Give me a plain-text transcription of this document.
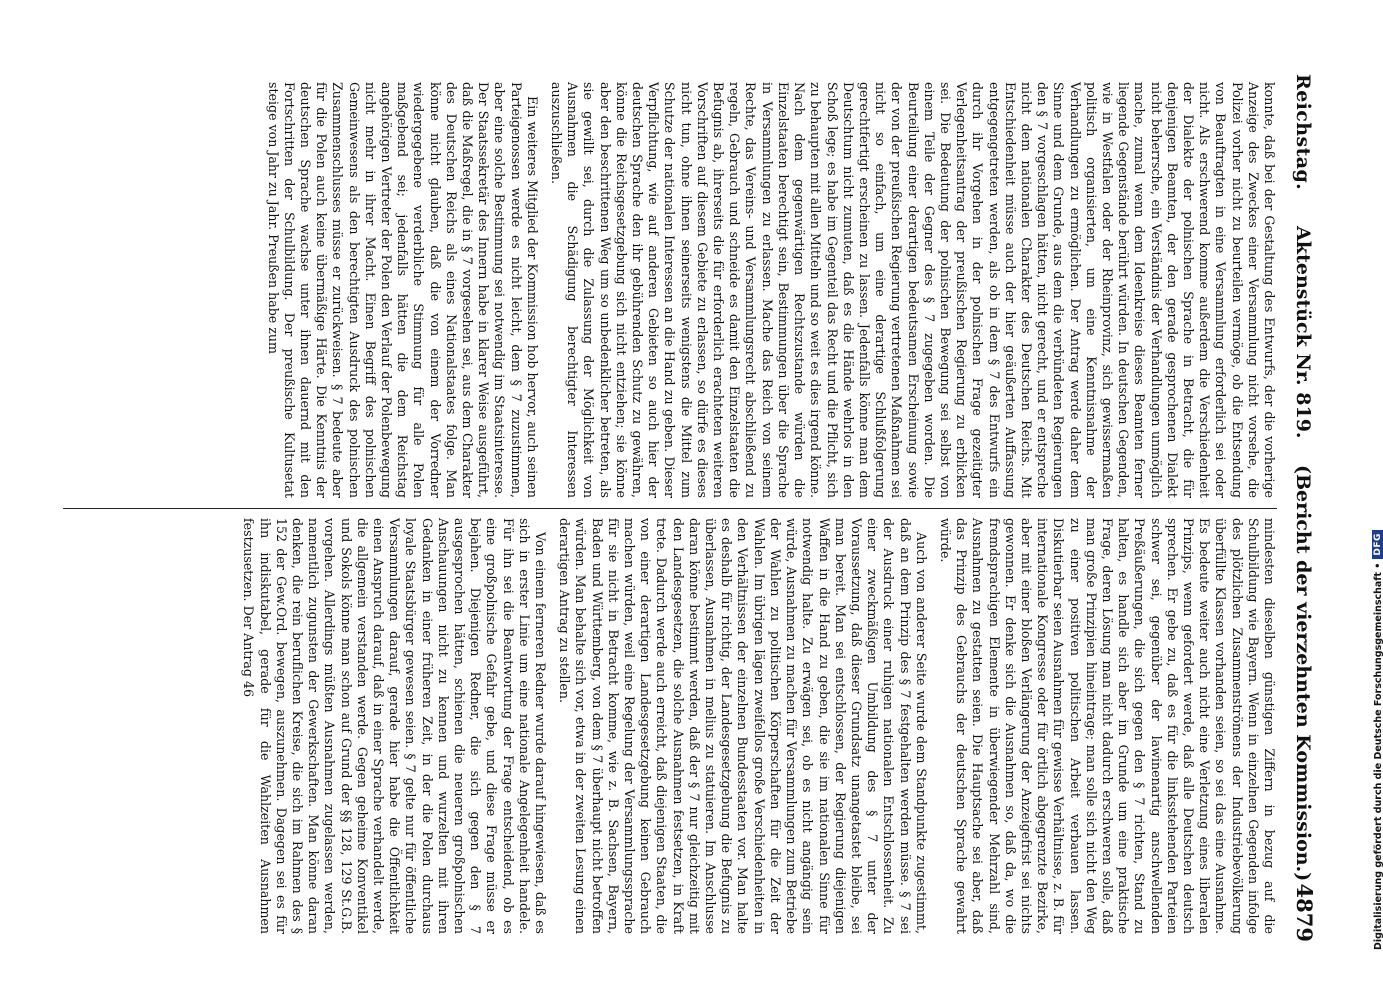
Reichstag.
Aktenstück Nr. 819.    (Bericht der vierzehnten Kommission.)
4879

konnte, daß bei der Gestaltung des Entwurfs, der die vorherige Anzeige des Zweckes einer Versammlung nicht vorsehe, die Polizei vorher nicht zu beurteilen vermöge, ob die Entsendung von Beauftragten in eine Versammlung erforderlich sei oder nicht. Als erschwerend komme außerdem die Verschiedenheit der Dialekte der polnischen Sprache in Betracht, die für denjenigen Beamten, der den gerade gesprochenen Dialekt nicht beherrsche, ein Verständnis der Verhandlungen unmöglich mache, zumal wenn dem Ideenkreise dieses Beamten ferner liegende Gegenstände berührt würden. In deutschen Gegenden, wie in Westfalen oder der Rheinprovinz, sich gewissermaßen politisch organisierten, um eine Kenntnisnahme der Verhandlungen zu ermöglichen. Der Antrag werde daher dem Sinne und dem Grunde, aus dem die verbündeten Regierungen den § 7 vorgeschlagen hätten, nicht gerecht, und er entspreche nicht dem nationalen Charakter des Deutschen Reichs. Mit Entschiedenheit müsse auch der hier geäußerten Auffassung entgegengetreten werden, als ob in dem § 7 des Entwurfs ein durch ihr Vorgehen in der polnischen Frage gezeitigter Verlegenheitsantrag der preußischen Regierung zu erblicken sei. Die Bedeutung der polnischen Bewegung sei selbst von einem Teile der Gegner des § 7 zugegeben worden. Die Beurteilung einer derartigen bedeutsamen Erscheinung sowie der von der preußischen Regierung vertretenen Maßnahmen sei nicht so einfach, um eine derartige Schlußfolgerung gerechtfertigt erscheinen zu lassen. Jedenfalls könne man dem Deutschtum nicht zumuten, daß es die Hände wehrlos in den Schoß lege; es habe im Gegenteil das Recht und die Pflicht, sich zu behaupten mit allen Mitteln und so weit es dies irgend könne. Nach dem gegenwärtigen Rechtszustande würden die Einzelstaaten berechtigt sein, Bestimmungen über die Sprache in Versammlungen zu erlassen. Mache das Reich von seinem Rechte, das Vereins- und Versammlungsrecht abschließend zu regeln, Gebrauch und schneide es damit den Einzelstaaten die Befugnis ab, ihrerseits die für erforderlich erachteten weiteren Vorschriften auf diesem Gebiete zu erlassen, so dürfe es dieses nicht tun, ohne ihnen seinerseits wenigstens die Mittel zum Schutze der nationalen Interessen an die Hand zu geben. Dieser Verpflichtung, wie auf anderen Gebieten so auch hier der deutschen Sprache den ihr gebührenden Schutz zu gewähren, könne die Reichsgesetzgebung sich nicht entziehen; sie könne aber den beschrittenen Weg um so unbedenklicher betreten, als sie gewillt sei, durch die Zulassung der Möglichkeit von Ausnahmen die Schädigung berechtigter Interessen auszuschließen.

Ein weiteres Mitglied der Kommission hob hervor, auch seinen Parteigenossen werde es nicht leicht, dem § 7 zuzustimmen, aber eine solche Bestimmung sei notwendig im Staatsinteresse. Der Staatssekretär des Innern habe in klarer Weise ausgeführt, daß die Maßregel, die in § 7 vorgesehen sei, aus dem Charakter des Deutschen Reichs als eines Nationalstaates folge. Man könne nicht glauben, daß die von einem der Vorredner wiedergegebene verderbliche Stimmung für alle Polen maßgebend sei; jedenfalls hätten die dem Reichstag angehörigen Vertreter der Polen den Verlauf der Polenbewegung nicht mehr in ihrer Macht. Einen Begriff des polnischen Gemeinwesens als den berechtigten Ausdruck des polnischen Zusammenschlusses müsse er zurückweisen. § 7 bedeute aber für die Polen auch keine übermäßige Härte. Die Kenntnis der deutschen Sprache wachse unter ihnen dauernd mit den Fortschritten der Schulbildung. Der preußische Kultusetat steige von Jahr zu Jahr. Preußen habe zum

mindesten dieselben günstigen Ziffern in bezug auf die Schulbildung wie Bayern. Wenn in einzelnen Gegenden infolge des plötzlichen Zusammenströmens der Industriebevölkerung überfüllte Klassen vorhanden seien, so sei das eine Ausnahme. Es bedeute weiter auch nicht eine Verletzung eines liberalen Prinzips, wenn gefordert werde, daß alle Deutschen deutsch sprechen. Er gebe zu, daß es für die linksstehenden Parteien schwer sei, gegenüber der lawinenartig anschwellenden Preßäußerungen, die sich gegen den § 7 richten, Stand zu halten, es handle sich aber im Grunde um eine praktische Frage, deren Lösung man nicht dadurch erschweren solle, daß man große Prinzipien hineintrage; man solle sich nicht den Weg zu einer positiven politischen Arbeit verbauen lassen. Diskutierbar seien Ausnahmen für gewisse Verhältnisse, z. B. für internationale Kongresse oder für örtlich abgegrenzte Bezirke, aber mit einer bloßen Verlängerung der Anzeigefrist sei nichts gewonnen. Er denke sich die Ausnahmen so, daß da, wo die fremdsprachigen Elemente in überwiegender Mehrzahl sind, Ausnahmen zu gestatten seien. Die Hauptsache sei aber, daß das Prinzip des Gebrauchs der deutschen Sprache gewahrt würde.

Auch von anderer Seite wurde dem Standpunkte zugestimmt, daß an dem Prinzip des § 7 festgehalten werden müsse. § 7 sei der Ausdruck einer ruhigen nationalen Entschlossenheit. Zu einer zweckmäßigen Umbildung des § 7 unter der Voraussetzung, daß dieser Grundsatz unangetastet bleibe, sei man bereit. Man sei entschlossen, der Regierung diejenigen Waffen in die Hand zu geben, die sie im nationalen Sinne für notwendig halte. Zu erwägen sei, ob es nicht angängig sein würde, Ausnahmen zu machen für Versammlungen zum Betriebe der Wahlen zu politischen Körperschaften für die Zeit der Wahlen. Im übrigen lägen zweifellos große Verschiedenheiten in den Verhältnissen der einzelnen Bundesstaaten vor. Man halte es deshalb für richtig, der Landesgesetzgebung die Befugnis zu überlassen, Ausnahmen in melius zu statuieren. Im Anschlusse daran könne bestimmt werden, daß der § 7 nur gleichzeitig mit den Landesgesetzen, die solche Ausnahmen festsetzen, in Kraft trete. Dadurch werde auch erreicht, daß diejenigen Staaten, die von einer derartigen Landesgesetzgebung keinen Gebrauch machen würden, weil eine Regelung der Versammlungssprache für sie nicht in Betracht komme, wie z. B. Sachsen, Bayern, Baden und Württemberg, von dem § 7 überhaupt nicht betroffen würden. Man behalte sich vor, etwa in der zweiten Lesung einen derartigen Antrag zu stellen.

Von einem ferneren Redner wurde darauf hingewiesen, daß es sich in erster Linie um eine nationale Angelegenheit handele. Für ihn sei die Beantwortung der Frage entscheidend, ob es eine großpolnische Gefahr gebe, und diese Frage müsse er bejahen. Diejenigen Redner, die sich gegen den § 7 ausgesprochen hätten, schienen die neueren großpolnischen Anschauungen nicht zu kennen und wurzelten mit ihren Gedanken in einer früheren Zeit, in der die Polen durchaus loyale Staatsbürger gewesen seien. § 7 gelte nur für öffentliche Versammlungen darauf, gerade hier habe die Öffentlichkeit einen Anspruch darauf, daß in einer Sprache verhandelt werde, die allgemein verstanden werde. Gegen geheime Konventikel und Sokols könne man schon auf Grund der §§ 128, 129 St.G.B. vorgehen. Allerdings müßten Ausnahmen zugelassen werden, namentlich zugunsten der Gewerkschaften. Man könne daran denken, die rein beruflichen Kreise, die sich im Rahmen des § 152 der Gew.Ord. bewegen, auszunehmen. Dagegen sei es für ihn indiskutabel, gerade für die Wahlzeiten Ausnahmen festzusetzen. Der Antrag 46	Digitalisierung gefördert durch die Deutsche Forschungsgemeinschaft •
DFG
